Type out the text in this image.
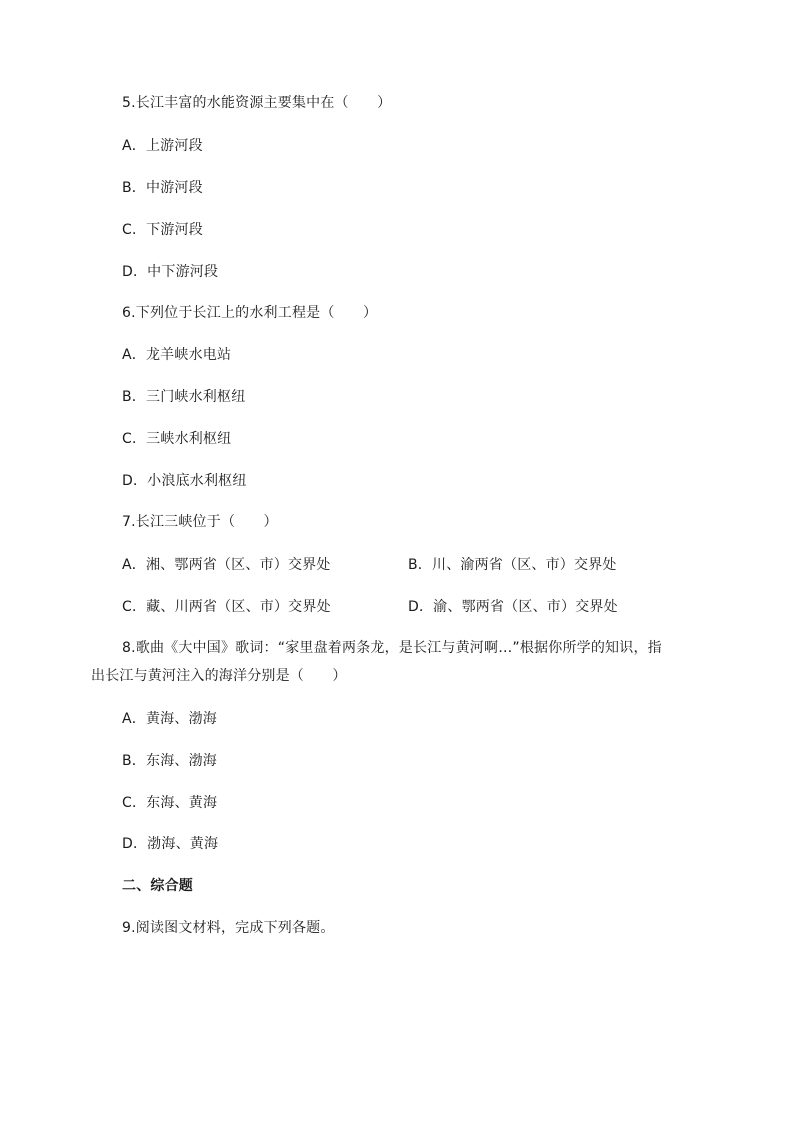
5.长江丰富的水能资源主要集中在（　　）
A．上游河段
B．中游河段
C．下游河段
D．中下游河段
6.下列位于长江上的水利工程是（　　）
A．龙羊峡水电站
B．三门峡水利枢纽
C．三峡水利枢纽
D．小浪底水利枢纽
7.长江三峡位于（　　）
A．湘、鄂两省（区、市）交界处	B．川、渝两省（区、市）交界处
C．藏、川两省（区、市）交界处	D．渝、鄂两省（区、市）交界处
8.歌曲《大中国》歌词：“家里盘着两条龙，是长江与黄河啊…”根据你所学的知识，指
出长江与黄河注入的海洋分别是（　　）
A．黄海、渤海
B．东海、渤海
C．东海、黄海
D．渤海、黄海
二、综合题
9.阅读图文材料，完成下列各题。
